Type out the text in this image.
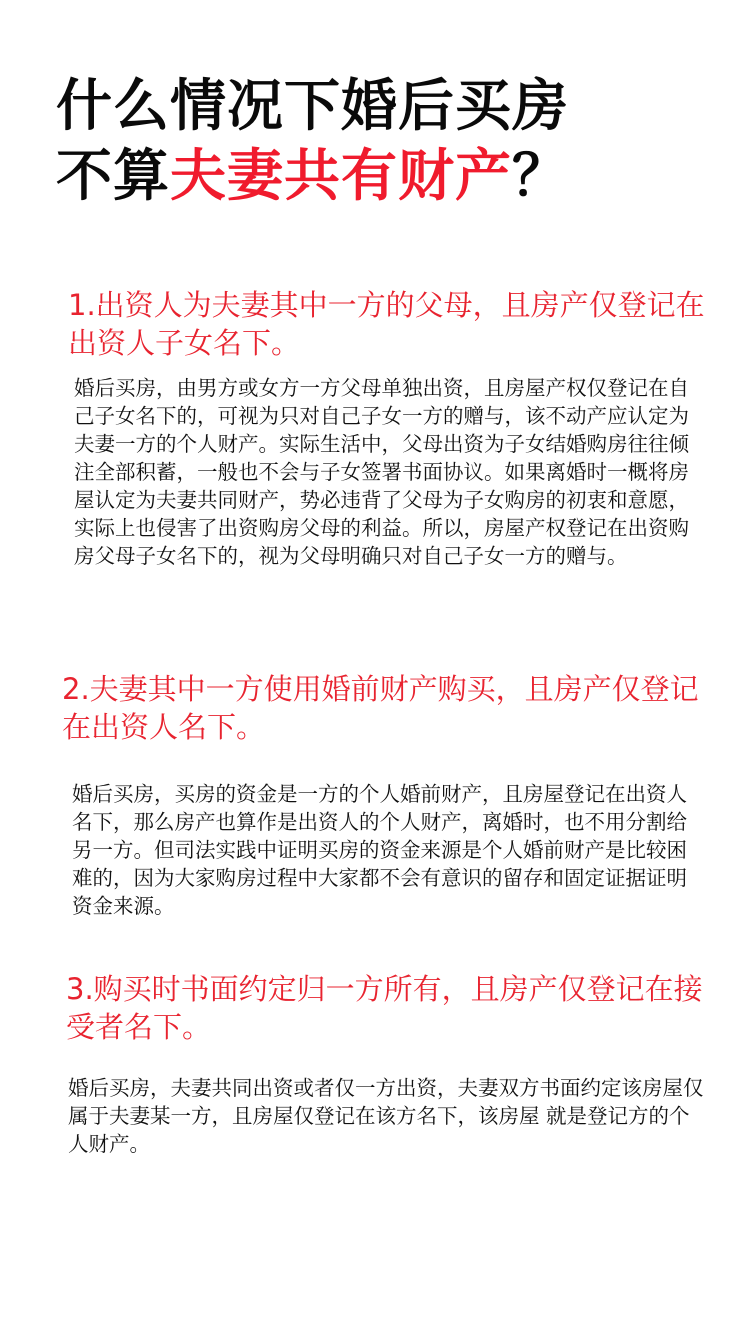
什么情况下婚后买房
不算夫妻共有财产？
1.出资人为夫妻其中一方的父母，且房产仅登记在出资人子女名下。
婚后买房，由男方或女方一方父母单独出资，且房屋产权仅登记在自己子女名下的，可视为只对自己子女一方的赠与，该不动产应认定为夫妻一方的个人财产。实际生活中，父母出资为子女结婚购房往往倾注全部积蓄，一般也不会与子女签署书面协议。如果离婚时一概将房屋认定为夫妻共同财产，势必违背了父母为子女购房的初衷和意愿，实际上也侵害了出资购房父母的利益。所以，房屋产权登记在出资购房父母子女名下的，视为父母明确只对自己子女一方的赠与。
2.夫妻其中一方使用婚前财产购买，且房产仅登记在出资人名下。
婚后买房，买房的资金是一方的个人婚前财产，且房屋登记在出资人名下，那么房产也算作是出资人的个人财产，离婚时，也不用分割给另一方。但司法实践中证明买房的资金来源是个人婚前财产是比较困难的，因为大家购房过程中大家都不会有意识的留存和固定证据证明资金来源。
3.购买时书面约定归一方所有，且房产仅登记在接受者名下。
婚后买房，夫妻共同出资或者仅一方出资，夫妻双方书面约定该房屋仅属于夫妻某一方，且房屋仅登记在该方名下，该房屋 就是登记方的个人财产。
